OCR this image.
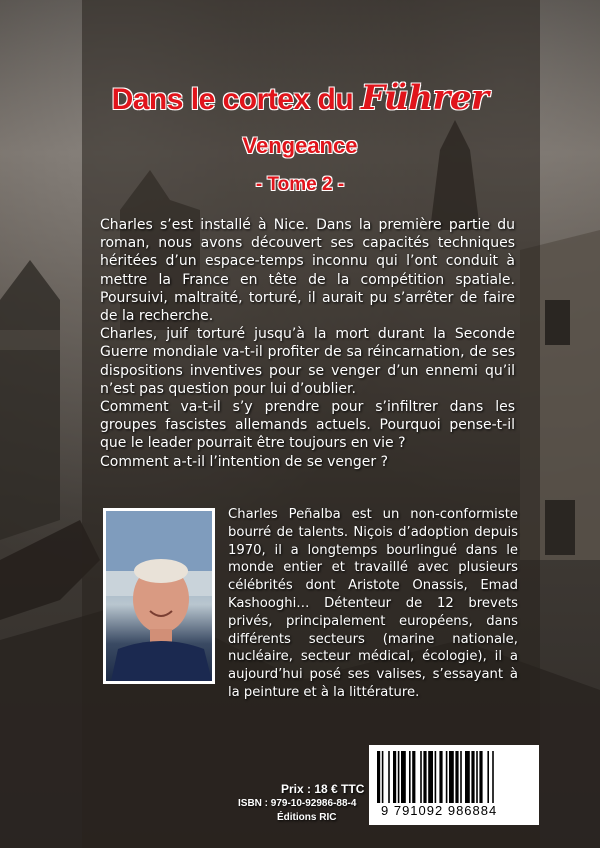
Dans le cortex du Führer
Vengeance
- Tome 2 -

Charles s’est installé à Nice. Dans la première partie du roman, nous avons découvert ses capacités techniques héritées d’un espace-temps inconnu qui l’ont conduit à mettre la France en tête de la compétition spatiale. Poursuivi, maltraité, torturé, il aurait pu s’arrêter de faire de la recherche.

Charles, juif torturé jusqu’à la mort durant la Seconde Guerre mondiale va-t-il profiter de sa réincarnation, de ses dispositions inventives pour se venger d’un ennemi qu’il n’est pas question pour lui d’oublier.

Comment va-t-il s’y prendre pour s’infiltrer dans les groupes fascistes allemands actuels. Pourquoi pense-t-il que le leader pourrait être toujours en vie ?

Comment a-t-il l’intention de se venger ?

Charles Peñalba est un non-conformiste bourré de talents. Niçois d’adoption depuis 1970, il a longtemps bourlingué dans le monde entier et travaillé avec plusieurs célébrités dont Aristote Onassis, Emad Kashooghi… Détenteur de 12 brevets privés, principalement européens, dans différents secteurs (marine nationale, nucléaire, secteur médical, écologie), il a aujourd’hui posé ses valises, s’essayant à la peinture et à la littérature.
Prix : 18 € TTC
ISBN : 979-10-92986-88-4
Éditions RIC	9 791092 986884
